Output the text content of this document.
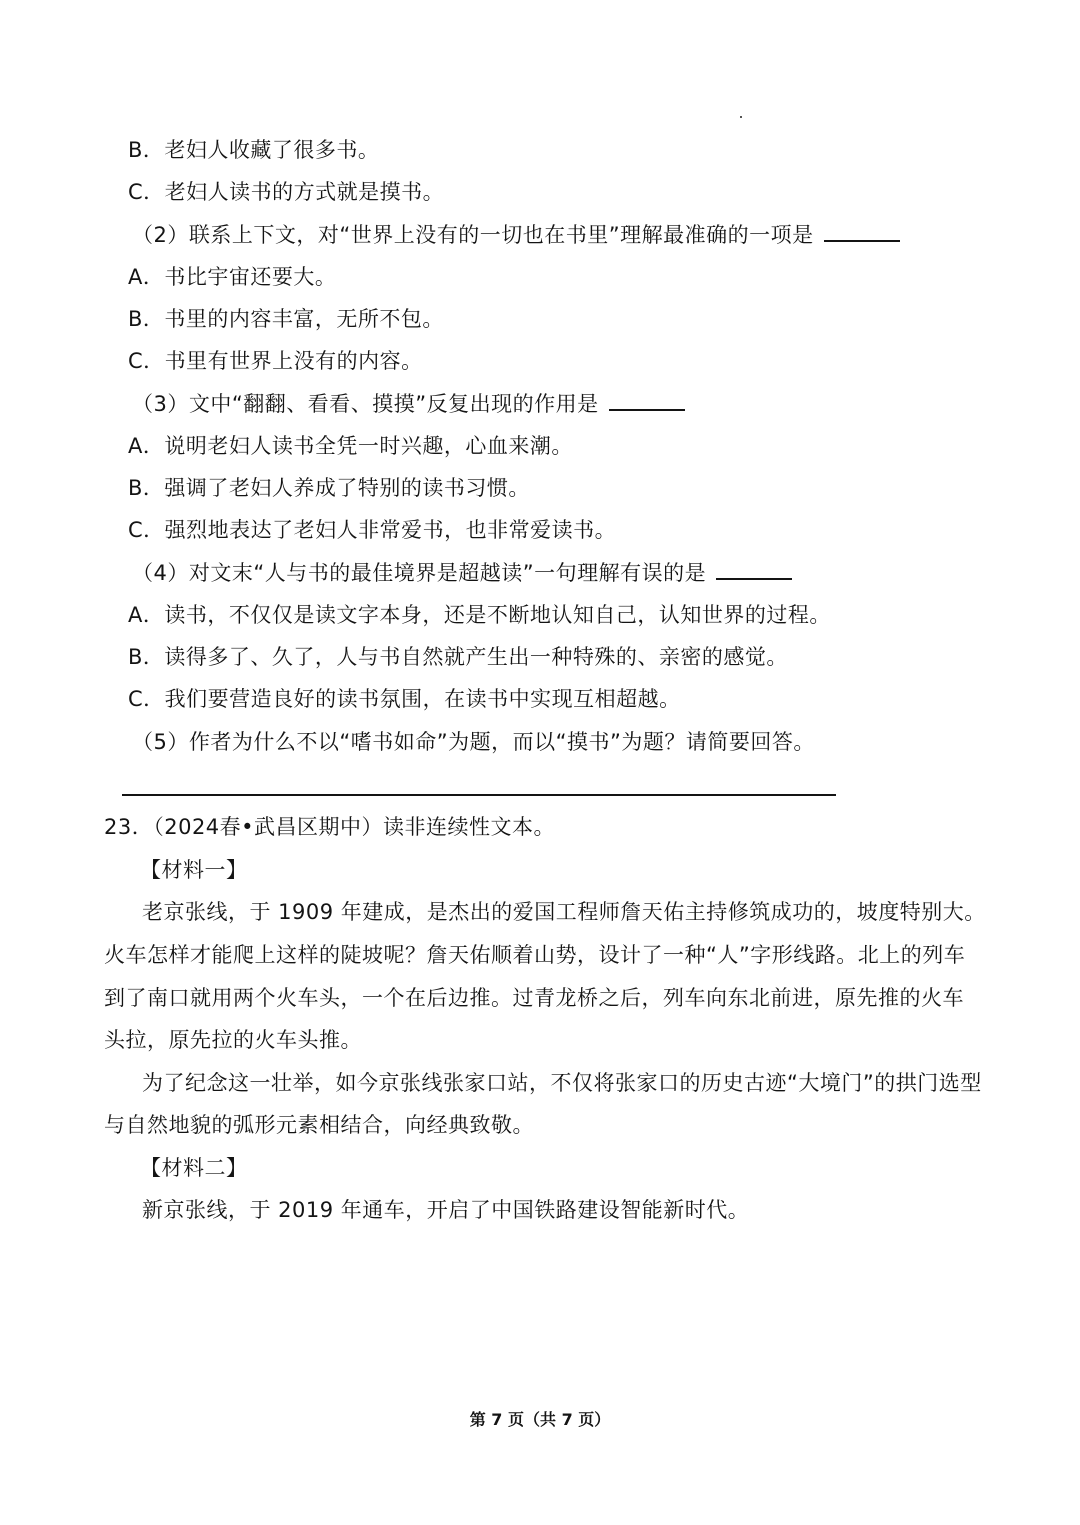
B．老妇人收藏了很多书。
C．老妇人读书的方式就是摸书。
（2）联系上下文，对“世界上没有的一切也在书里”理解最准确的一项是
A．书比宇宙还要大。
B．书里的内容丰富，无所不包。
C．书里有世界上没有的内容。
（3）文中“翻翻、看看、摸摸”反复出现的作用是
A．说明老妇人读书全凭一时兴趣，心血来潮。
B．强调了老妇人养成了特别的读书习惯。
C．强烈地表达了老妇人非常爱书，也非常爱读书。
（4）对文末“人与书的最佳境界是超越读”一句理解有误的是
A．读书，不仅仅是读文字本身，还是不断地认知自己，认知世界的过程。
B．读得多了、久了，人与书自然就产生出一种特殊的、亲密的感觉。
C．我们要营造良好的读书氛围，在读书中实现互相超越。
（5）作者为什么不以“嗜书如命”为题，而以“摸书”为题？请简要回答。
23．（2024春•武昌区期中）读非连续性文本。
【材料一】
老京张线，于 1909 年建成，是杰出的爱国工程师詹天佑主持修筑成功的，坡度特别大。
火车怎样才能爬上这样的陡坡呢？詹天佑顺着山势，设计了一种“人”字形线路。北上的列车
到了南口就用两个火车头，一个在后边推。过青龙桥之后，列车向东北前进，原先推的火车
头拉，原先拉的火车头推。
为了纪念这一壮举，如今京张线张家口站，不仅将张家口的历史古迹“大境门”的拱门选型
与自然地貌的弧形元素相结合，向经典致敬。
【材料二】
新京张线，于 2019 年通车，开启了中国铁路建设智能新时代。
第 7 页（共 7 页）
